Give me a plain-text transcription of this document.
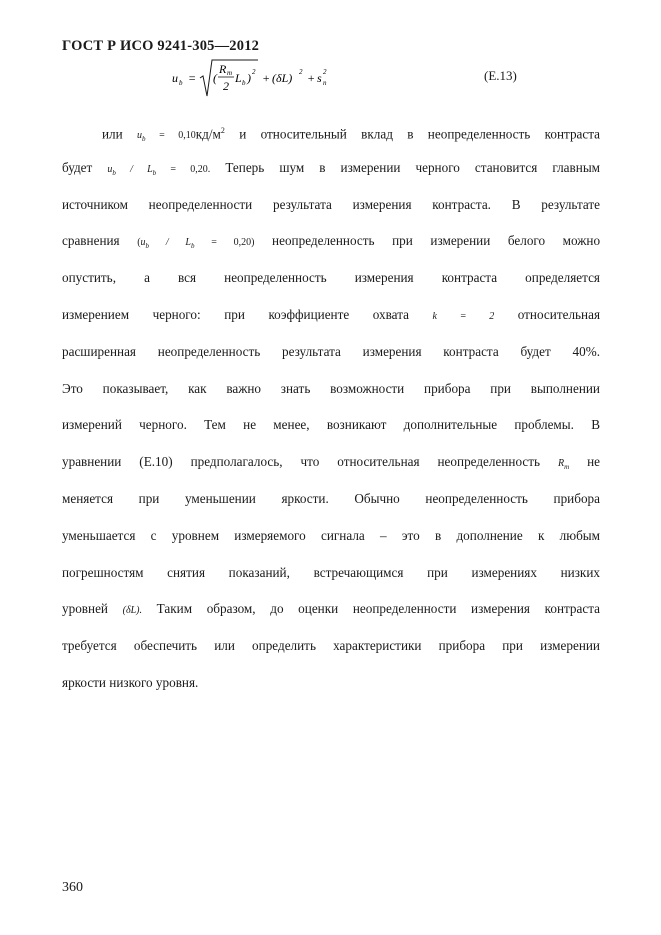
ГОСТ Р ИСО 9241-305—2012
u b = (
R m
2
L b ) 2 + (δL) 2 + s 2
n	(Е.13)
или $u_b = 0,10кд/м^2$ и относительный вклад в неопределенность контраста
будет $u_b / L_b = 0,20$. Теперь шум в измерении черного становится главным
источником неопределенности результата измерения контраста. В результате
сравнения $(u_b / L_b = 0,20)$ неопределенность при измерении белого можно
опустить, а вся неопределенность измерения контраста определяется
измерением черного: при коэффициенте охвата k = 2 относительная
расширенная неопределенность результата измерения контраста будет 40%.
Это показывает, как важно знать возможности прибора при выполнении
измерений черного. Тем не менее, возникают дополнительные проблемы. В
уравнении (Е.10) предполагалось, что относительная неопределенность $R_m$ не
меняется при уменьшении яркости. Обычно неопределенность прибора
уменьшается с уровнем измеряемого сигнала – это в дополнение к любым
погрешностям снятия показаний, встречающимся при измерениях низких
уровней (δL). Таким образом, до оценки неопределенности измерения контраста
требуется обеспечить или определить характеристики прибора при измерении
яркости низкого уровня.
360
